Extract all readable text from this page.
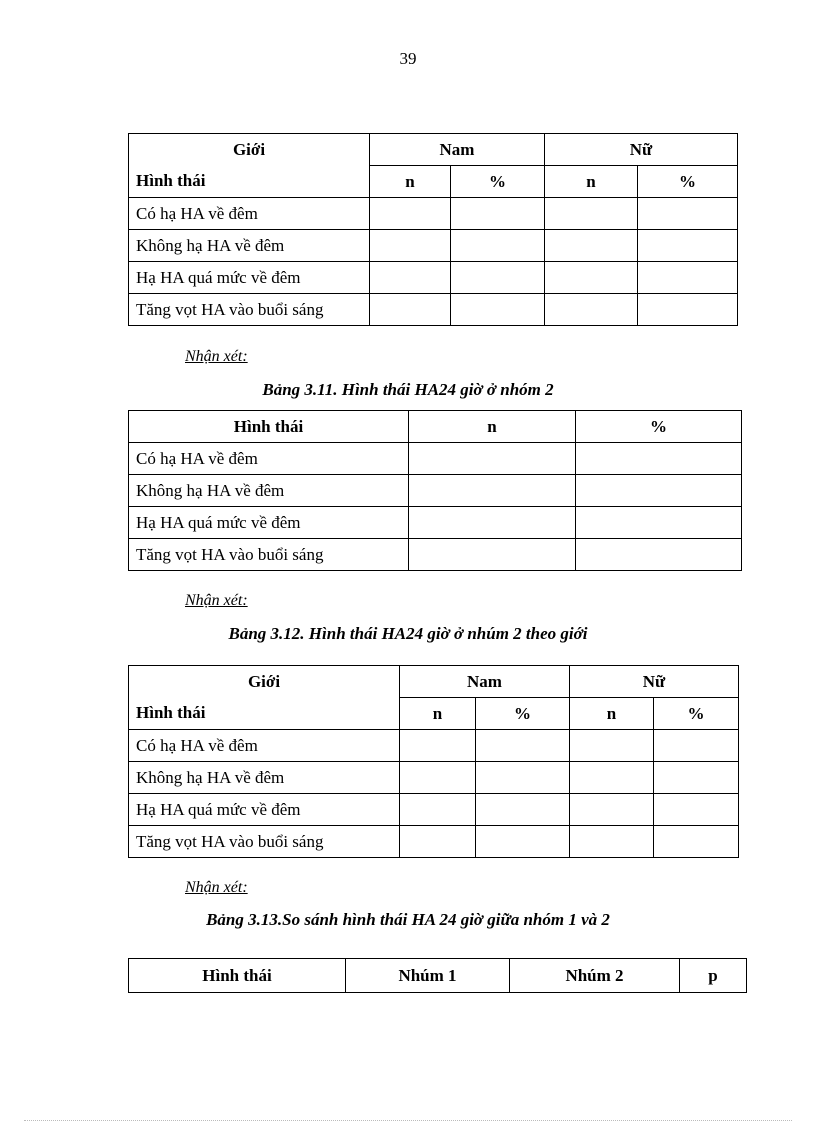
39
Giới	Nam		Nữ	
Hình thái	n	%	n	%
Có hạ HA về đêm				
Không hạ HA về đêm				
Hạ HA quá mức về đêm				
Tăng vọt HA vào buổi sáng				
Nhận xét:
Bảng 3.11. Hình thái HA24 giờ ở nhóm 2
Hình thái	n	%
Có hạ HA về đêm		
Không hạ HA về đêm		
Hạ HA quá mức về đêm		
Tăng vọt HA vào buổi sáng		
Nhận xét:
Bảng 3.12. Hình thái HA24 giờ ở nhúm 2 theo giới
Giới	Nam		Nữ	
Hình thái	n	%	n	%
Có hạ HA về đêm				
Không hạ HA về đêm				
Hạ HA quá mức về đêm				
Tăng vọt HA vào buổi sáng				
Nhận xét:
Bảng 3.13.So sánh hình thái HA 24 giờ giữa nhóm 1 và 2
Hình thái	Nhúm 1	Nhúm 2	p
